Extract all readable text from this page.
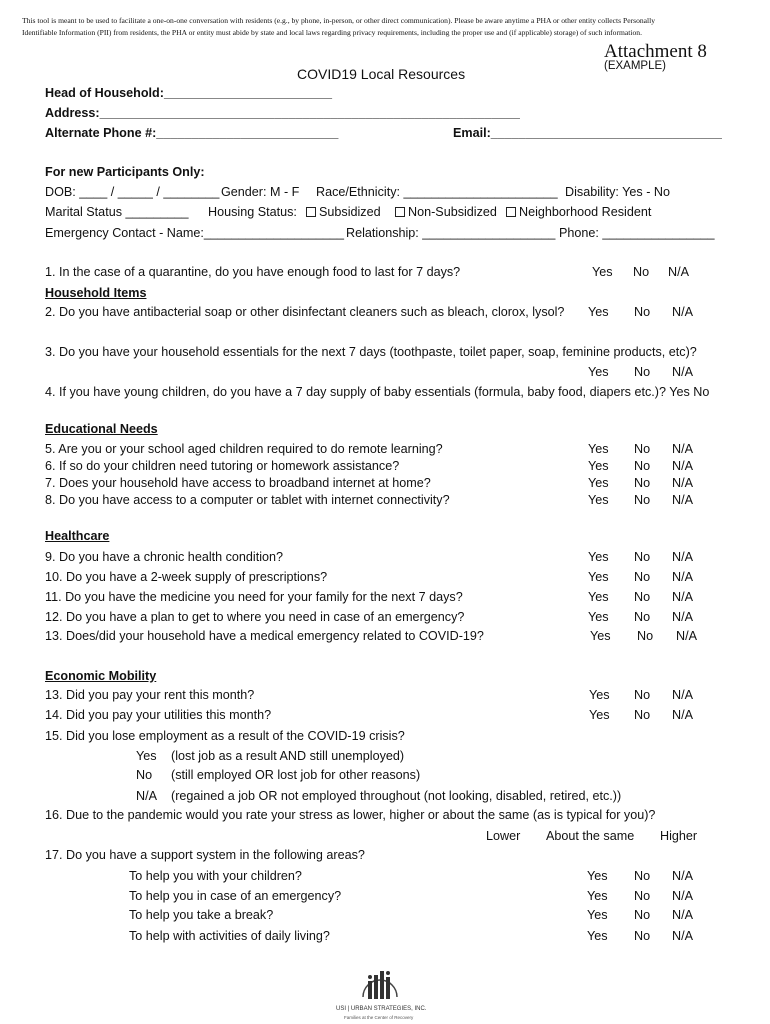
This tool is meant to be used to facilitate a one-on-one conversation with residents (e.g., by phone, in-person, or other direct communication). Please be aware anytime a PHA or other entity collects Personally
Identifiable Information (PII) from residents, the PHA or entity must abide by state and local laws regarding privacy requirements, including the proper use and (if applicable) storage) of such information.
Attachment 8
(EXAMPLE)
COVID19 Local Resources
Head of Household:________________________
Address:____________________________________________________________
Alternate Phone #:__________________________	Email:_________________________________
For new Participants Only:
DOB: ____ / _____ / ________ Gender: M - F Race/Ethnicity: ______________________ Disability: Yes - No
Marital Status _________ Housing Status:	Subsidized	Non-Subsidized	Neighborhood Resident
Emergency Contact - Name:____________________ Relationship: ___________________ Phone: ________________
1. In the case of a quarantine, do you have enough food to last for 7 days?	Yes No N/A
Household Items
2. Do you have antibacterial soap or other disinfectant cleaners such as bleach, clorox, lysol? Yes No N/A
3. Do you have your household essentials for the next 7 days (toothpaste, toilet paper, soap, feminine products, etc)?
Yes No N/A
4. If you have young children, do you have a 7 day supply of baby essentials (formula, baby food, diapers etc.)? Yes No
Educational Needs
5. Are you or your school aged children required to do remote learning?	Yes No N/A
6. If so do your children need tutoring or homework assistance?	Yes No N/A
7. Does your household have access to broadband internet at home?	Yes No N/A
8. Do you have access to a computer or tablet with internet connectivity?	Yes No N/A
Healthcare
9. Do you have a chronic health condition?	Yes No N/A
10. Do you have a 2-week supply of prescriptions?	Yes No N/A
11. Do you have the medicine you need for your family for the next 7 days?	Yes No N/A
12. Do you have a plan to get to where you need in case of an emergency?	Yes No N/A
13. Does/did your household have a medical emergency related to COVID-19?	Yes No N/A
Economic Mobility
13. Did you pay your rent this month?	Yes No N/A
14. Did you pay your utilities this month?	Yes No N/A
15. Did you lose employment as a result of the COVID-19 crisis?
Yes (lost job as a result AND still unemployed)
No (still employed OR lost job for other reasons)
N/A (regained a job OR not employed throughout (not looking, disabled, retired, etc.))
16. Due to the pandemic would you rate your stress as lower, higher or about the same (as is typical for you)?
Lower About the same Higher
17. Do you have a support system in the following areas?
To help you with your children?	Yes No N/A
To help you in case of an emergency?	Yes No N/A
To help you take a break?	Yes No N/A
To help with activities of daily living?	Yes No N/A
USI | URBAN STRATEGIES, INC.
Families at the Center of Recovery
